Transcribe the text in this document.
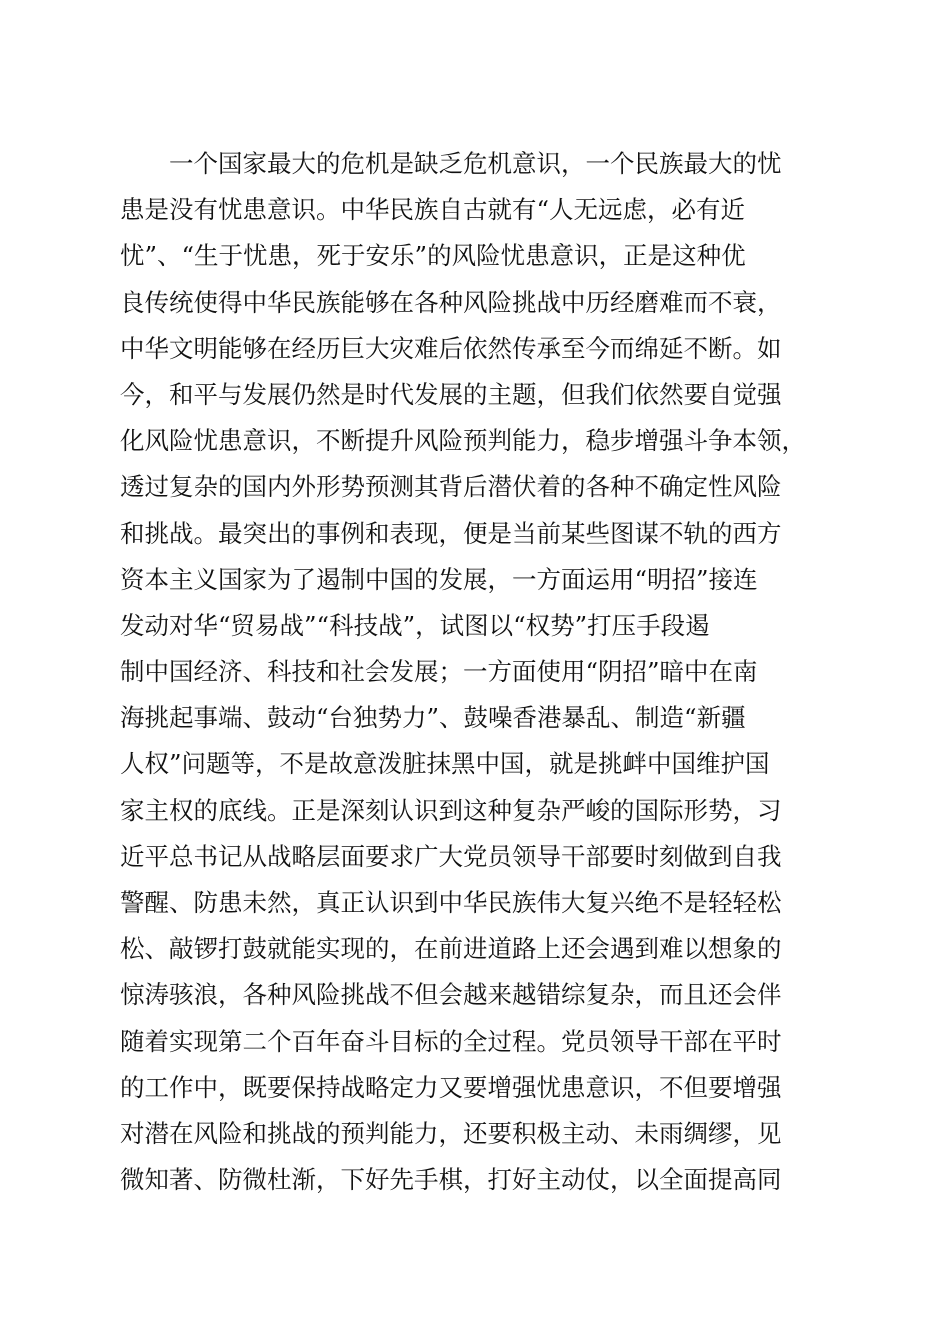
一个国家最大的危机是缺乏危机意识，一个民族最大的忧
患是没有忧患意识。中华民族自古就有“人无远虑，必有近
忧”、“生于忧患，死于安乐”的风险忧患意识，正是这种优
良传统使得中华民族能够在各种风险挑战中历经磨难而不衰，
中华文明能够在经历巨大灾难后依然传承至今而绵延不断。如
今，和平与发展仍然是时代发展的主题，但我们依然要自觉强
化风险忧患意识，不断提升风险预判能力，稳步增强斗争本领，
透过复杂的国内外形势预测其背后潜伏着的各种不确定性风险
和挑战。最突出的事例和表现，便是当前某些图谋不轨的西方
资本主义国家为了遏制中国的发展，一方面运用“明招”接连
发动对华“贸易战”“科技战”，试图以“权势”打压手段遏
制中国经济、科技和社会发展；一方面使用“阴招”暗中在南
海挑起事端、鼓动“台独势力”、鼓噪香港暴乱、制造“新疆
人权”问题等，不是故意泼脏抹黑中国，就是挑衅中国维护国
家主权的底线。正是深刻认识到这种复杂严峻的国际形势，习
近平总书记从战略层面要求广大党员领导干部要时刻做到自我
警醒、防患未然，真正认识到中华民族伟大复兴绝不是轻轻松
松、敲锣打鼓就能实现的，在前进道路上还会遇到难以想象的
惊涛骇浪，各种风险挑战不但会越来越错综复杂，而且还会伴
随着实现第二个百年奋斗目标的全过程。党员领导干部在平时
的工作中，既要保持战略定力又要增强忧患意识，不但要增强
对潜在风险和挑战的预判能力，还要积极主动、未雨绸缪，见
微知著、防微杜渐，下好先手棋，打好主动仗，以全面提高同
